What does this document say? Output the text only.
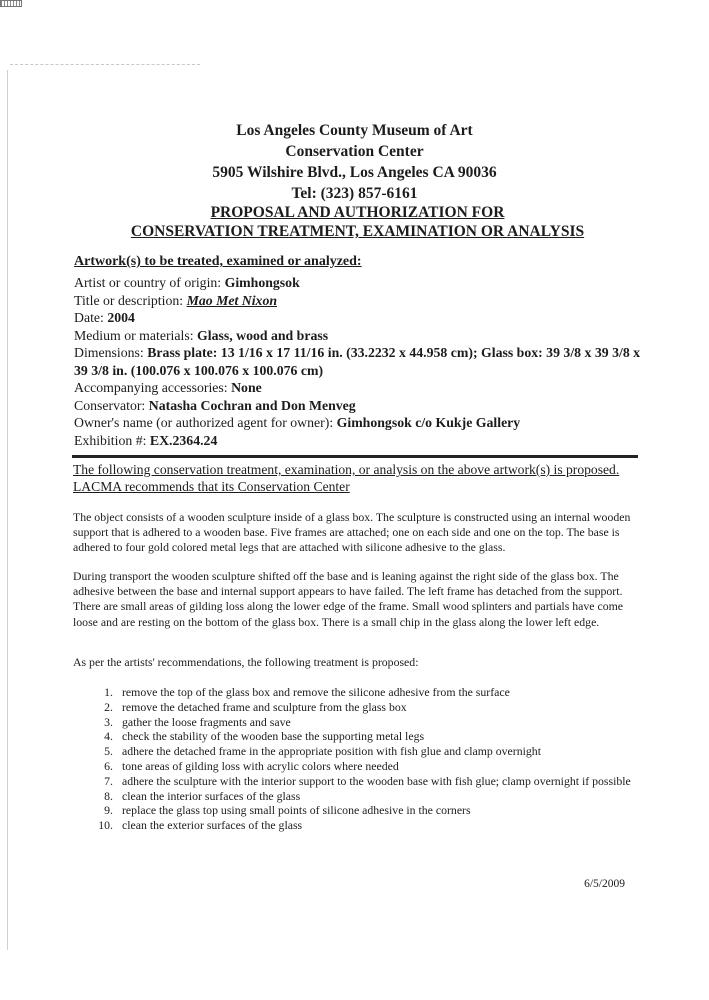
Los Angeles County Museum of Art
Conservation Center
5905 Wilshire Blvd., Los Angeles CA 90036
Tel: (323) 857-6161
PROPOSAL AND AUTHORIZATION FOR
CONSERVATION TREATMENT, EXAMINATION OR ANALYSIS
Artwork(s) to be treated, examined or analyzed:
Artist or country of origin: Gimhongsok
Title or description: Mao Met Nixon
Date: 2004
Medium or materials: Glass, wood and brass
Dimensions: Brass plate: 13 1/16 x 17 11/16 in. (33.2232 x 44.958 cm); Glass box: 39 3/8 x 39 3/8 x 39 3/8 in. (100.076 x 100.076 x 100.076 cm)
Accompanying accessories: None
Conservator: Natasha Cochran and Don Menveg
Owner's name (or authorized agent for owner): Gimhongsok c/o Kukje Gallery
Exhibition #: EX.2364.24
The following conservation treatment, examination, or analysis on the above artwork(s) is proposed.
LACMA recommends that its Conservation Center

The object consists of a wooden sculpture inside of a glass box. The sculpture is constructed using an internal wooden support that is adhered to a wooden base. Five frames are attached; one on each side and one on the top. The base is adhered to four gold colored metal legs that are attached with silicone adhesive to the glass.

During transport the wooden sculpture shifted off the base and is leaning against the right side of the glass box. The adhesive between the base and internal support appears to have failed. The left frame has detached from the support. There are small areas of gilding loss along the lower edge of the frame. Small wood splinters and partials have come loose and are resting on the bottom of the glass box. There is a small chip in the glass along the lower left edge.

As per the artists' recommendations, the following treatment is proposed:

1. remove the top of the glass box and remove the silicone adhesive from the surface
2. remove the detached frame and sculpture from the glass box
3. gather the loose fragments and save
4. check the stability of the wooden base the supporting metal legs
5. adhere the detached frame in the appropriate position with fish glue and clamp overnight
6. tone areas of gilding loss with acrylic colors where needed
7. adhere the sculpture with the interior support to the wooden base with fish glue; clamp overnight if possible
8. clean the interior surfaces of the glass
9. replace the glass top using small points of silicone adhesive in the corners
10. clean the exterior surfaces of the glass
6/5/2009
